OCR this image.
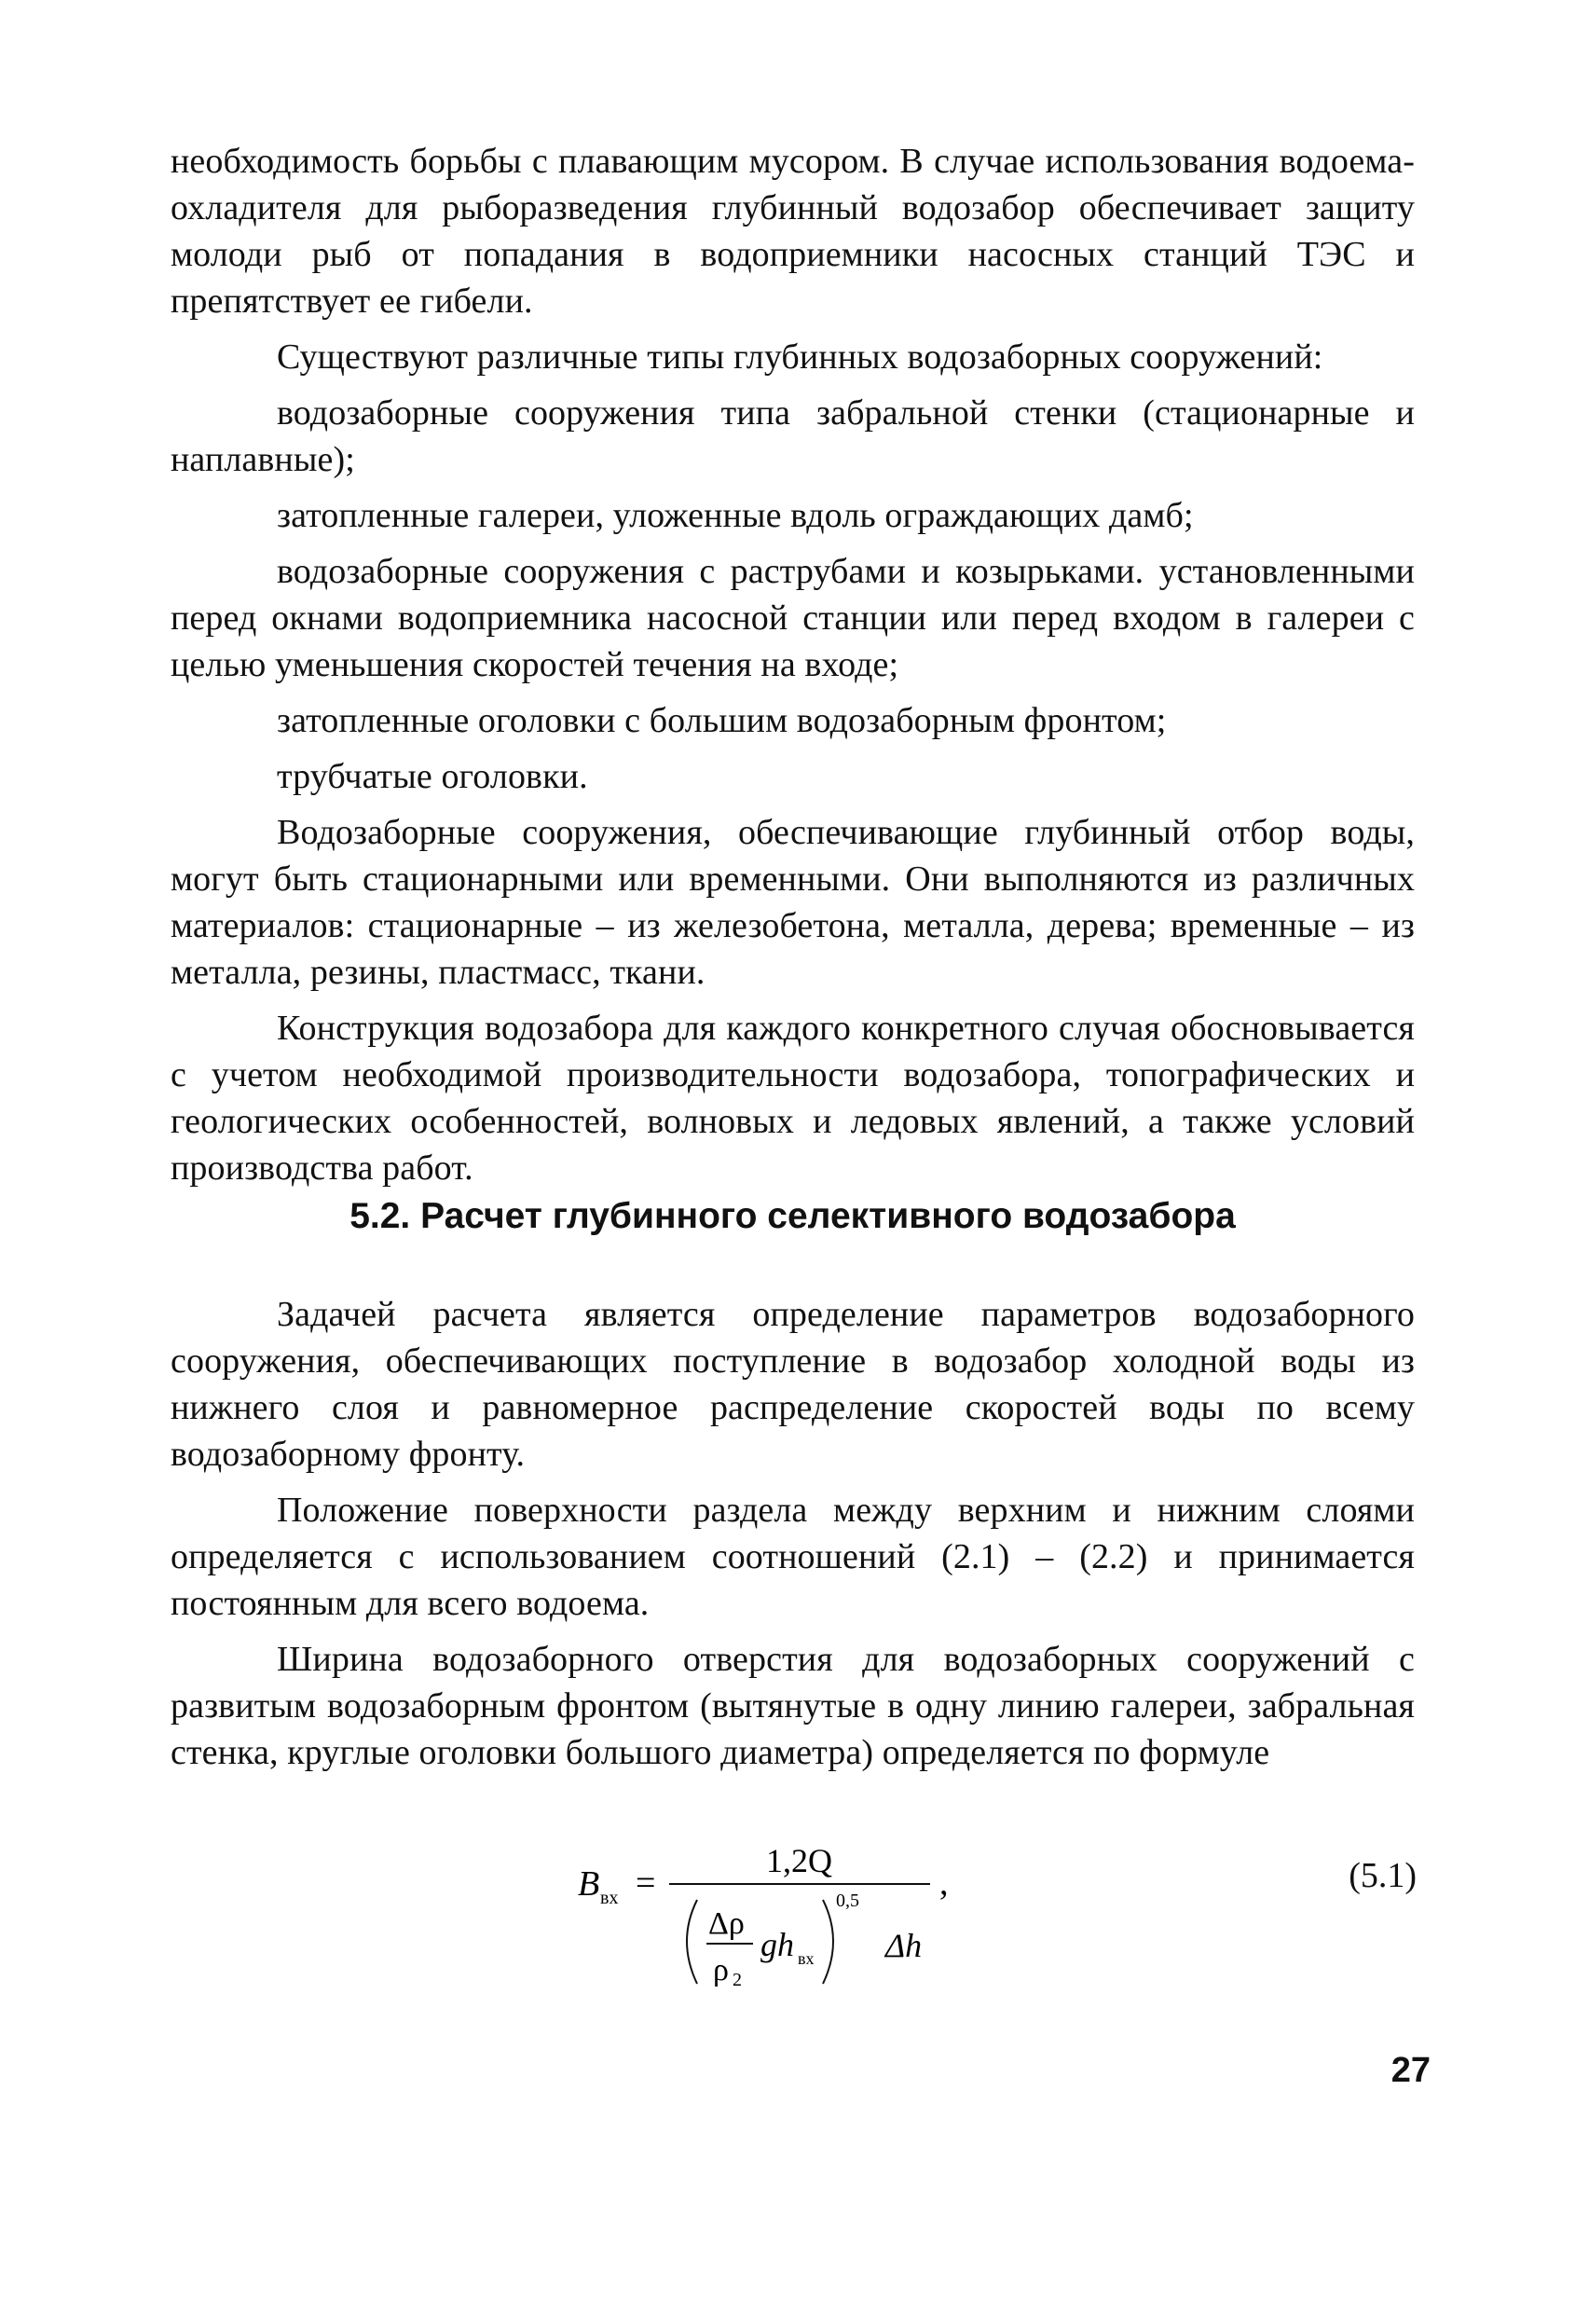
необходимость борьбы с плавающим мусором. В случае использования водоема-охладителя для рыборазведения глубинный водозабор обеспечивает защиту молоди рыб от попадания в водоприемники насосных станций ТЭС и препятствует ее гибели.

Существуют различные типы глубинных водозаборных сооружений:

водозаборные сооружения типа забральной стенки (стационарные и наплавные);

затопленные галереи, уложенные вдоль ограждающих дамб;

водозаборные сооружения с раструбами и козырьками. установленными перед окнами водоприемника насосной станции или перед входом в галереи с целью уменьшения скоростей течения на входе;

затопленные оголовки с большим водозаборным фронтом;

трубчатые оголовки.

Водозаборные сооружения, обеспечивающие глубинный отбор воды, могут быть стационарными или временными. Они выполняются из различных материалов: стационарные – из железобетона, металла, дерева; временные – из металла, резины, пластмасс, ткани.

Конструкция водозабора для каждого конкретного случая обосновывается с учетом необходимой производительности водозабора, топографических и геологических особенностей, волновых и ледовых явлений, а также условий производства работ.

5.2. Расчет глубинного селективного водозабора

Задачей расчета является определение параметров водозаборного сооружения, обеспечивающих поступление в водозабор холодной воды из нижнего слоя и равномерное распределение скоростей воды по всему водозаборному фронту.

Положение поверхности раздела между верхним и нижним слоями определяется с использованием соотношений (2.1) – (2.2) и принимается постоянным для всего водоема.

Ширина водозаборного отверстия для водозаборных сооружений с развитым водозаборным фронтом (вытянутые в одну линию галереи, забральная стенка, круглые оголовки большого диаметра) определяется по формуле

B вх =
1,2Q
Δρ
ρ 2
gh вх
0,5
Δh
,	(5.1)
27
